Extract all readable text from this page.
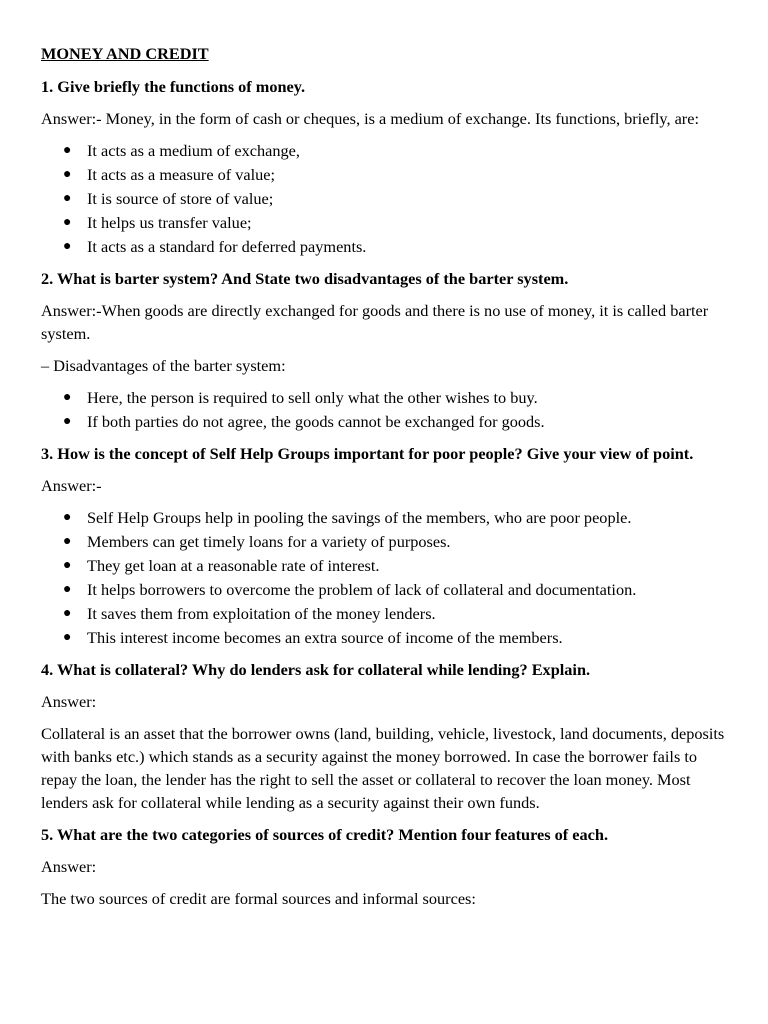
MONEY AND CREDIT
1. Give briefly the functions of money.
Answer:- Money, in the form of cash or cheques, is a medium of exchange. Its functions, briefly, are:
● It acts as a medium of exchange,
● It acts as a measure of value;
● It is source of store of value;
● It helps us transfer value;
● It acts as a standard for deferred payments.
2. What is barter system? And State two disadvantages of the barter system.
Answer:-When goods are directly exchanged for goods and there is no use of money, it is called barter system.
– Disadvantages of the barter system:
● Here, the person is required to sell only what the other wishes to buy.
● If both parties do not agree, the goods cannot be exchanged for goods.
3. How is the concept of Self Help Groups important for poor people? Give your view of point.
Answer:-
● Self Help Groups help in pooling the savings of the members, who are poor people.
● Members can get timely loans for a variety of purposes.
● They get loan at a reasonable rate of interest.
● It helps borrowers to overcome the problem of lack of collateral and documentation.
● It saves them from exploitation of the money lenders.
● This interest income becomes an extra source of income of the members.
4. What is collateral? Why do lenders ask for collateral while lending? Explain.
Answer:
Collateral is an asset that the borrower owns (land, building, vehicle, livestock, land documents, deposits with banks etc.) which stands as a security against the money borrowed. In case the borrower fails to repay the loan, the lender has the right to sell the asset or collateral to recover the loan money. Most lenders ask for collateral while lending as a security against their own funds.
5. What are the two categories of sources of credit? Mention four features of each.
Answer:
The two sources of credit are formal sources and informal sources:
